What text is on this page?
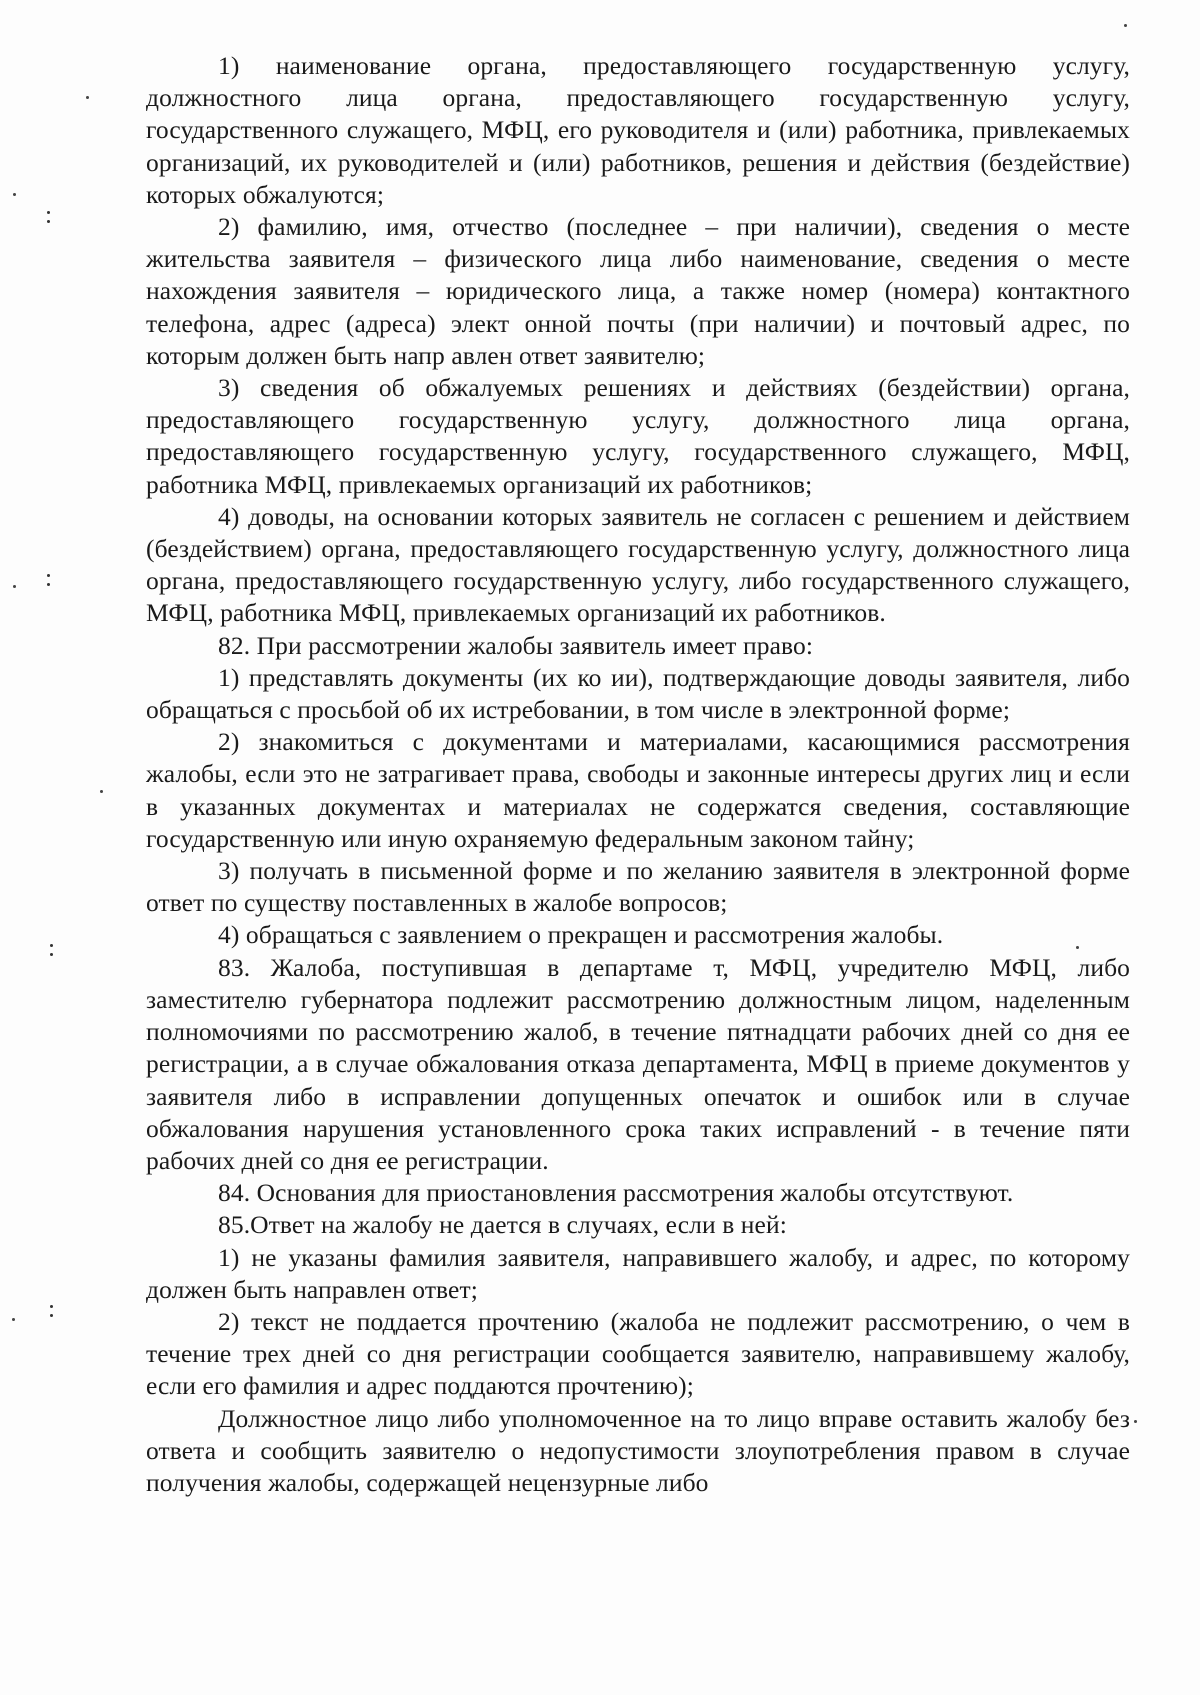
1) наименование органа, предоставляющего государственную услугу, должностного лица органа, предоставляющего государственную услугу, государственного служащего, МФЦ, его руководителя и (или) работника, привлекаемых организаций, их руководителей и (или) работников, решения и действия (бездействие) которых обжалуются;

2) фамилию, имя, отчество (последнее – при наличии), сведения о месте жительства заявителя – физического лица либо наименование, сведения о месте нахождения заявителя – юридического лица, а также номер (номера) контактного телефона, адрес (адреса) элект онной почты (при наличии) и почтовый адрес, по которым должен быть напр авлен ответ заявителю;

3) сведения об обжалуемых решениях и действиях (бездействии) органа, предоставляющего государственную услугу, должностного лица органа, предоставляющего государственную услугу, государственного служащего, МФЦ, работника МФЦ, привлекаемых организаций их работников;

4) доводы, на основании которых заявитель не согласен с решением и действием (бездействием) органа, предоставляющего государственную услугу, должностного лица органа, предоставляющего государственную услугу, либо государственного служащего, МФЦ, работника МФЦ, привлекаемых организаций их работников.

82. При рассмотрении жалобы заявитель имеет право:

1) представлять документы (их ко ии), подтверждающие доводы заявителя, либо обращаться с просьбой об их истребовании, в том числе в электронной форме;

2) знакомиться с документами и материалами, касающимися рассмотрения жалобы, если это не затрагивает права, свободы и законные интересы других лиц и если в указанных документах и материалах не содержатся сведения, составляющие государственную или иную охраняемую федеральным законом тайну;

3) получать в письменной форме и по желанию заявителя в электронной форме ответ по существу поставленных в жалобе вопросов;

4) обращаться с заявлением о прекращен и рассмотрения жалобы.

83. Жалоба, поступившая в департаме т, МФЦ, учредителю МФЦ, либо заместителю губернатора подлежит рассмотрению должностным лицом, наделенным полномочиями по рассмотрению жалоб, в течение пятнадцати рабочих дней со дня ее регистрации, а в случае обжалования отказа департамента, МФЦ в приеме документов у заявителя либо в исправлении допущенных опечаток и ошибок или в случае обжалования нарушения установленного срока таких исправлений - в течение пяти рабочих дней со дня ее регистрации.

84. Основания для приостановления рассмотрения жалобы отсутствуют.

85.Ответ на жалобу не дается в случаях, если в ней:

1) не указаны фамилия заявителя, направившего жалобу, и адрес, по которому должен быть направлен ответ;

2) текст не поддается прочтению (жалоба не подлежит рассмотрению, о чем в течение трех дней со дня регистрации сообщается заявителю, направившему жалобу, если его фамилия и адрес поддаются прочтению);

Должностное лицо либо уполномоченное на то лицо вправе оставить жалобу без ответа и сообщить заявителю о недопустимости злоупотребления правом в случае получения жалобы, содержащей нецензурные либо
